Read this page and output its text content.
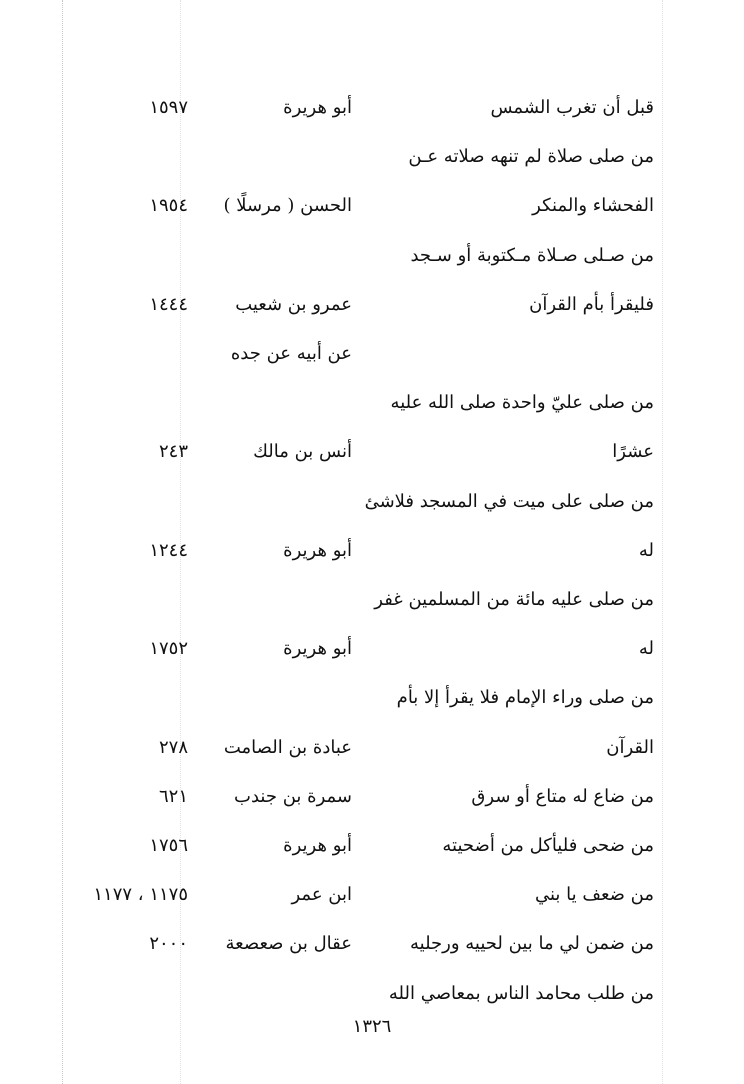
قبل أن تغرب الشمس
أبو هريرة
١٥٩٧
من صلى صلاة لم تنهه صلاته عـن
الفحشاء والمنكر
الحسن ( مرسلًا )
١٩٥٤
من صـلى صـلاة مـكتوبة أو سـجد
فليقرأ بأم القرآن
عمرو بن شعيب
١٤٤٤
عن أبيه عن جده
من صلى عليّ واحدة صلى الله عليه
عشرًا
أنس بن مالك
٢٤٣
من صلى على ميت في المسجد فلاشئ
له
أبو هريرة
١٢٤٤
من صلى عليه مائة من المسلمين غفر
له
أبو هريرة
١٧٥٢
من صلى وراء الإمام فلا يقرأ إلا بأم
القرآن
عبادة بن الصامت
٢٧٨
من ضاع له متاع أو سرق
سمرة بن جندب
٦٢١
من ضحى فليأكل من أضحيته
أبو هريرة
١٧٥٦
من ضعف يا بني
ابن عمر
١١٧٥ ، ١١٧٧
من ضمن لي ما بين لحييه ورجليه
عقال بن صعصعة
٢٠٠٠
من طلب محامد الناس بمعاصي الله
١٣٢٦
